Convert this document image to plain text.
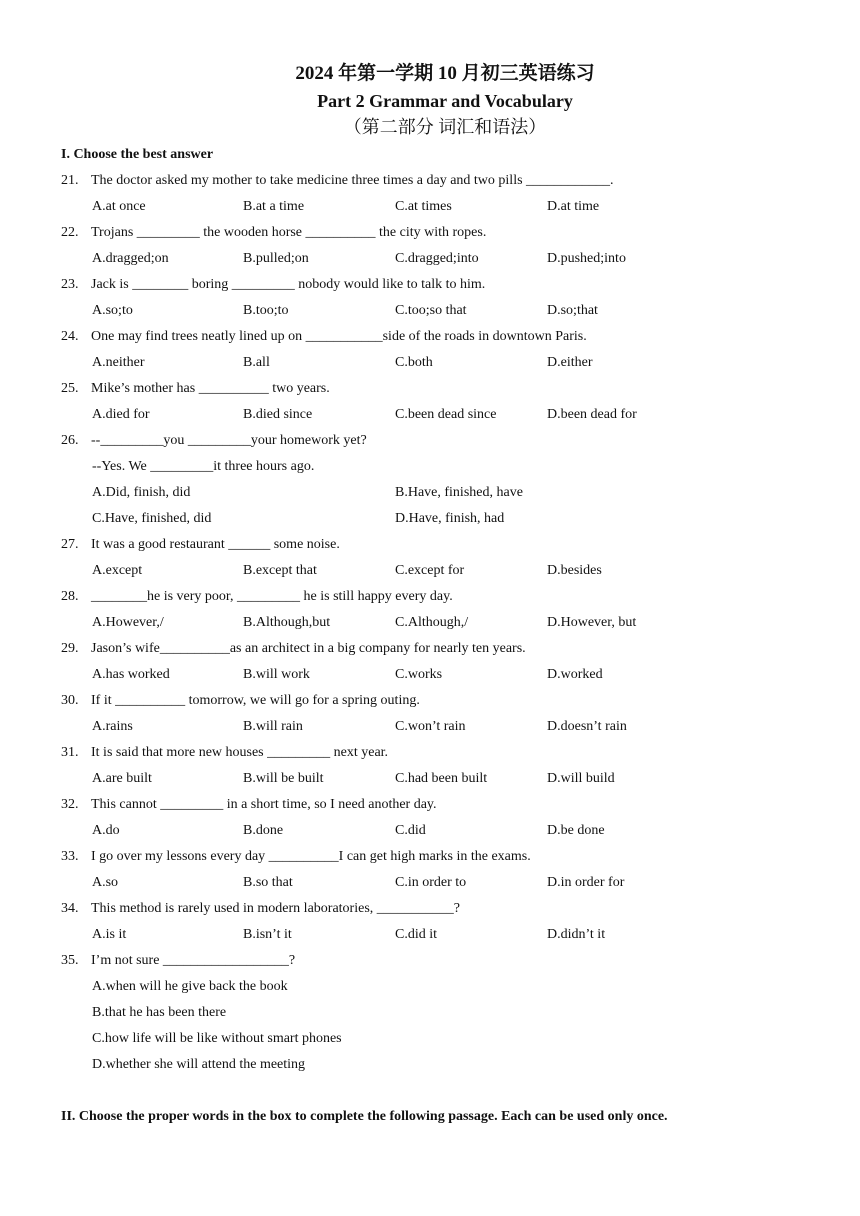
2024 年第一学期 10 月初三英语练习
Part 2 Grammar and Vocabulary
（第二部分 词汇和语法）
I. Choose the best answer
21. The doctor asked my mother to take medicine three times a day and two pills ____________.
A.at once	B.at a time	C.at times	D.at time
22. Trojans _________ the wooden horse __________ the city with ropes.
A.dragged;on	B.pulled;on	C.dragged;into	D.pushed;into
23. Jack is ________ boring _________ nobody would like to talk to him.
A.so;to	B.too;to	C.too;so that	D.so;that
24. One may find trees neatly lined up on ___________side of the roads in downtown Paris.
A.neither	B.all	C.both	D.either
25. Mike’s mother has __________ two years.
A.died for	B.died since	C.been dead since	D.been dead for
26. --_________you _________your homework yet?
--Yes. We _________it three hours ago.
A.Did, finish, did	B.Have, finished, have
C.Have, finished, did	D.Have, finish, had
27. It was a good restaurant ______ some noise.
A.except	B.except that	C.except for	D.besides
28. ________he is very poor, _________ he is still happy every day.
A.However,/	B.Although,but	C.Although,/	D.However, but
29. Jason’s wife__________as an architect in a big company for nearly ten years.
A.has worked	B.will work	C.works	D.worked
30. If it __________ tomorrow, we will go for a spring outing.
A.rains	B.will rain	C.won’t rain	D.doesn’t rain
31. It is said that more new houses _________ next year.
A.are built	B.will be built	C.had been built	D.will build
32. This cannot _________ in a short time, so I need another day.
A.do	B.done	C.did	D.be done
33. I go over my lessons every day __________I can get high marks in the exams.
A.so	B.so that	C.in order to	D.in order for
34. This method is rarely used in modern laboratories, ___________?
A.is it	B.isn’t it	C.did it	D.didn’t it
35. I’m not sure __________________?
A.when will he give back the book
B.that he has been there
C.how life will be like without smart phones
D.whether she will attend the meeting
II. Choose the proper words in the box to complete the following passage. Each can be used only once.
